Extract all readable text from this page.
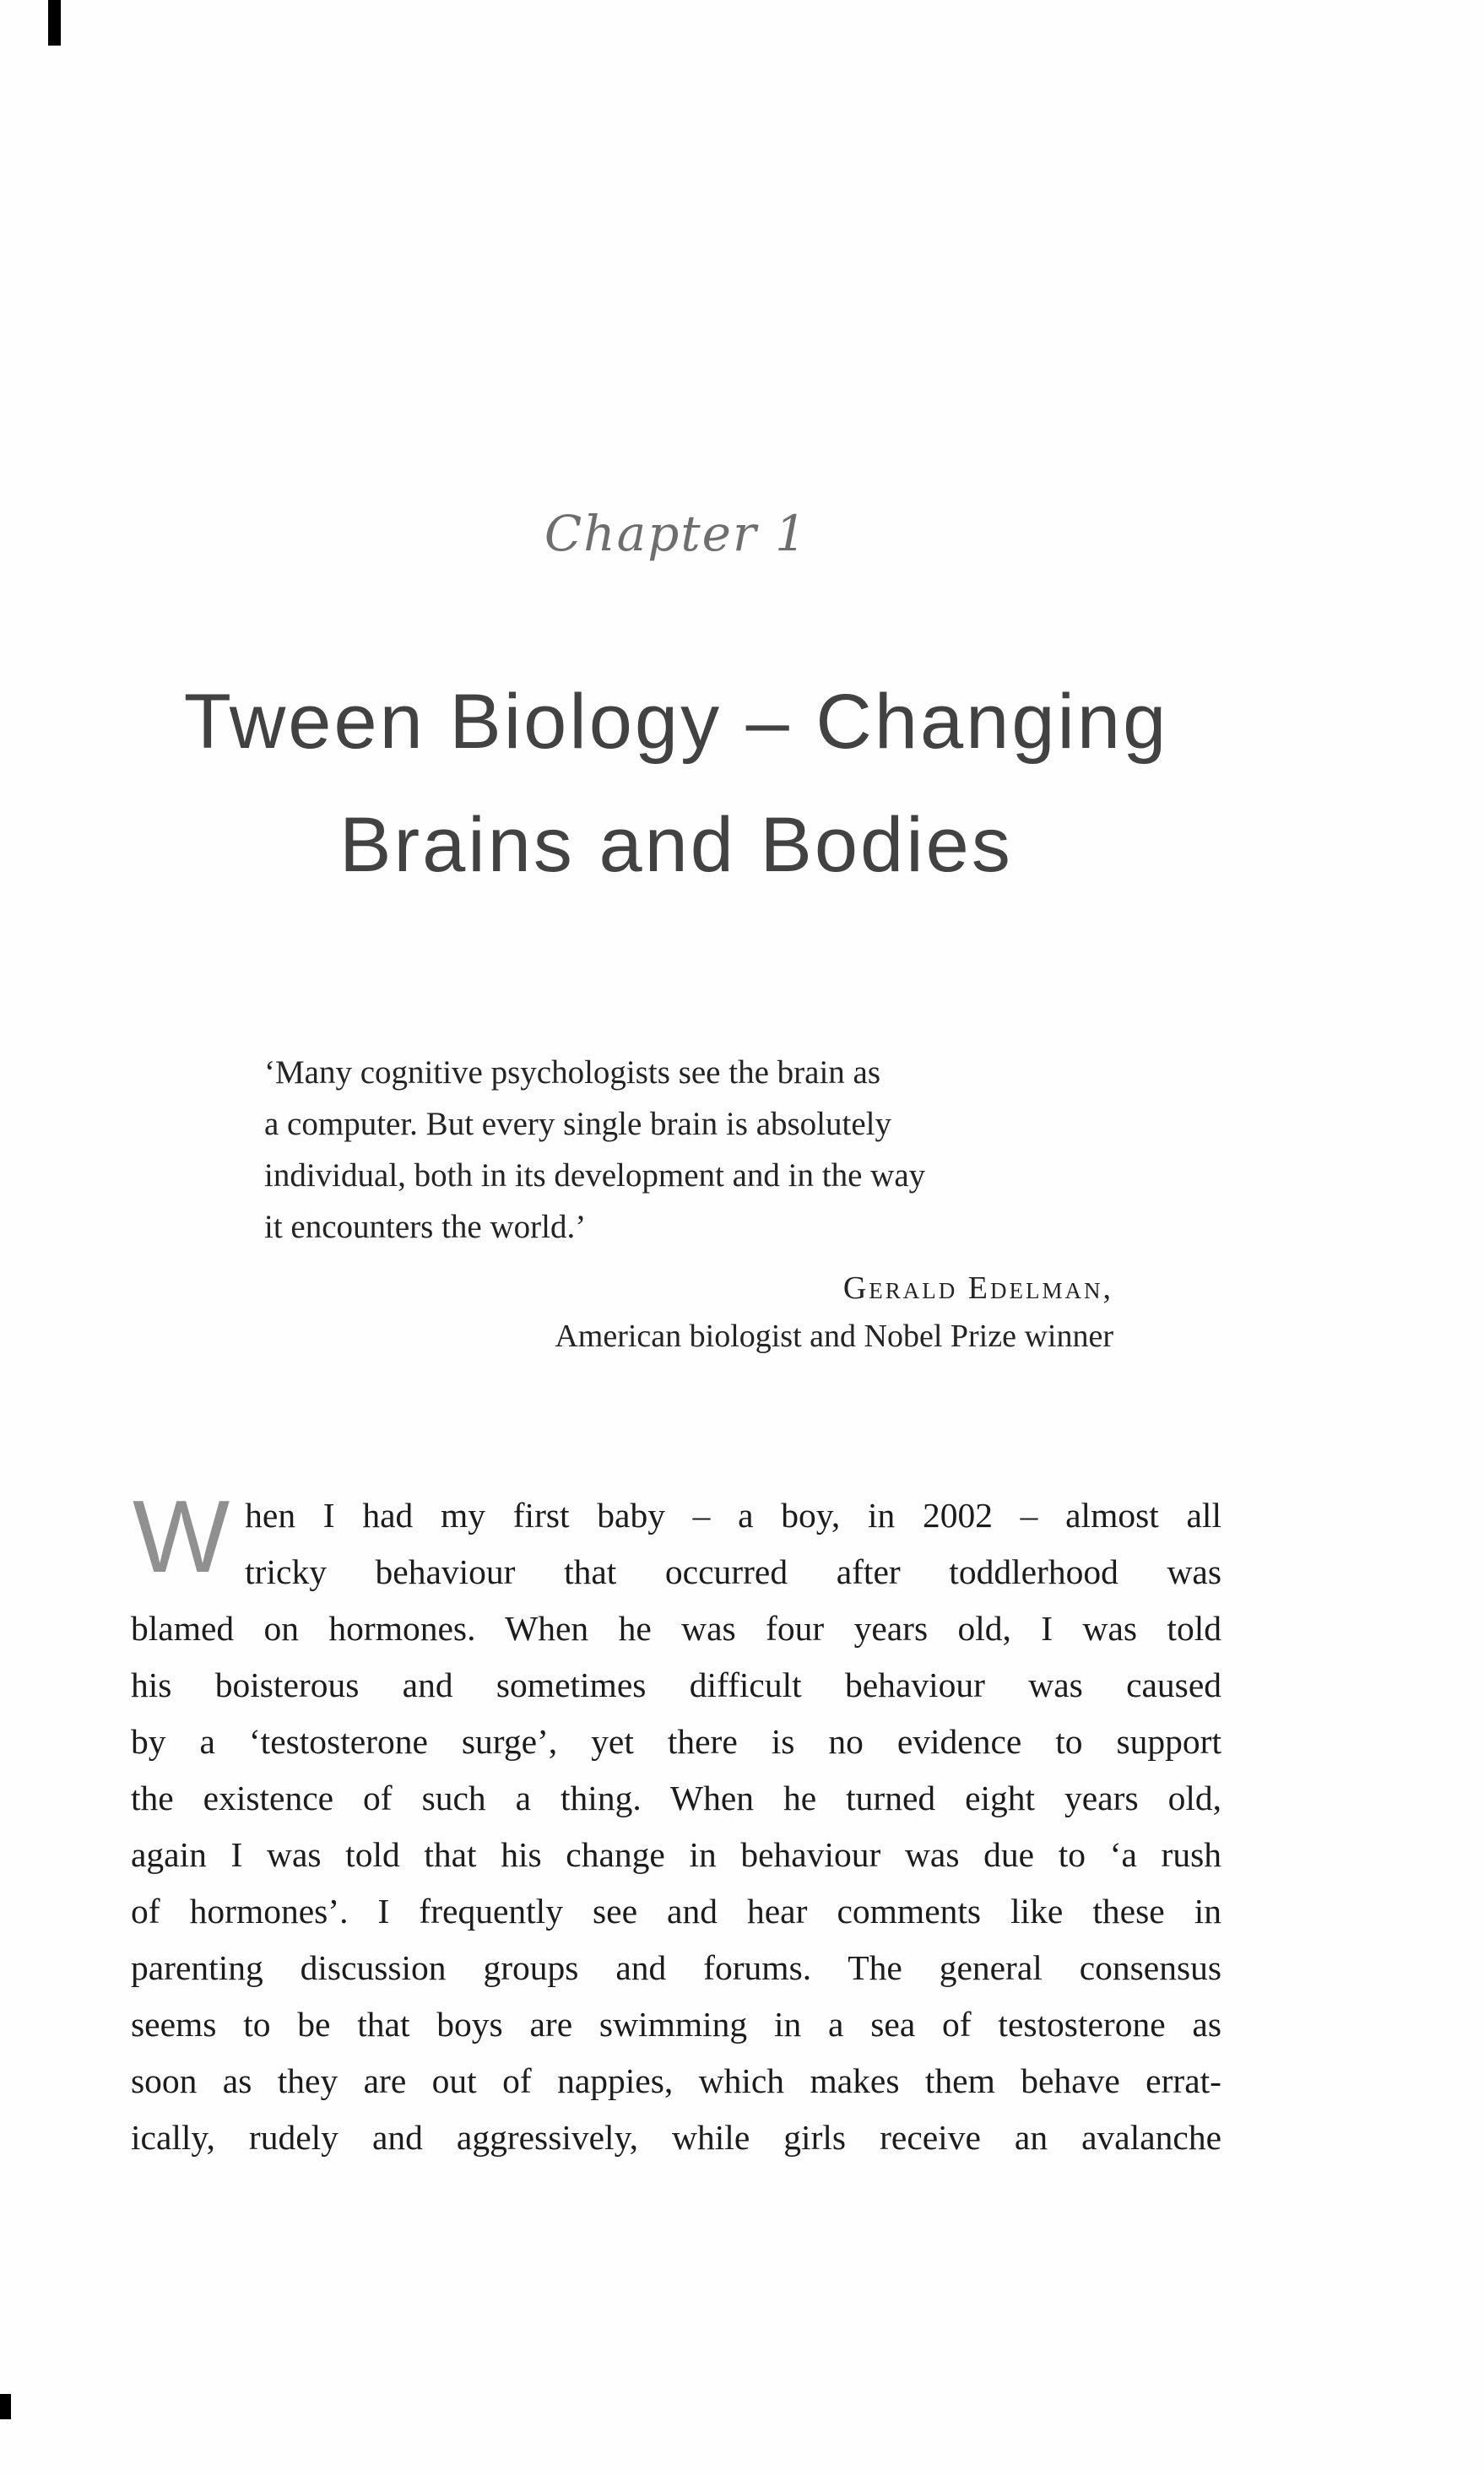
Chapter 1
Tween Biology – Changing
Brains and Bodies
‘Many cognitive psychologists see the brain as
a computer. But every single brain is absolutely
individual, both in its development and in the way
it encounters the world.’
Gerald Edelman,
American biologist and Nobel Prize winner
W hen I had my first baby – a boy, in 2002 – almost all
tricky behaviour that occurred after toddlerhood was
blamed on hormones. When he was four years old, I was told
his boisterous and sometimes difficult behaviour was caused
by a ‘testosterone surge’, yet there is no evidence to support
the existence of such a thing. When he turned eight years old,
again I was told that his change in behaviour was due to ‘a rush
of hormones’. I frequently see and hear comments like these in
parenting discussion groups and forums. The general consensus
seems to be that boys are swimming in a sea of testosterone as
soon as they are out of nappies, which makes them behave errat-
ically, rudely and aggressively, while girls receive an avalanche
